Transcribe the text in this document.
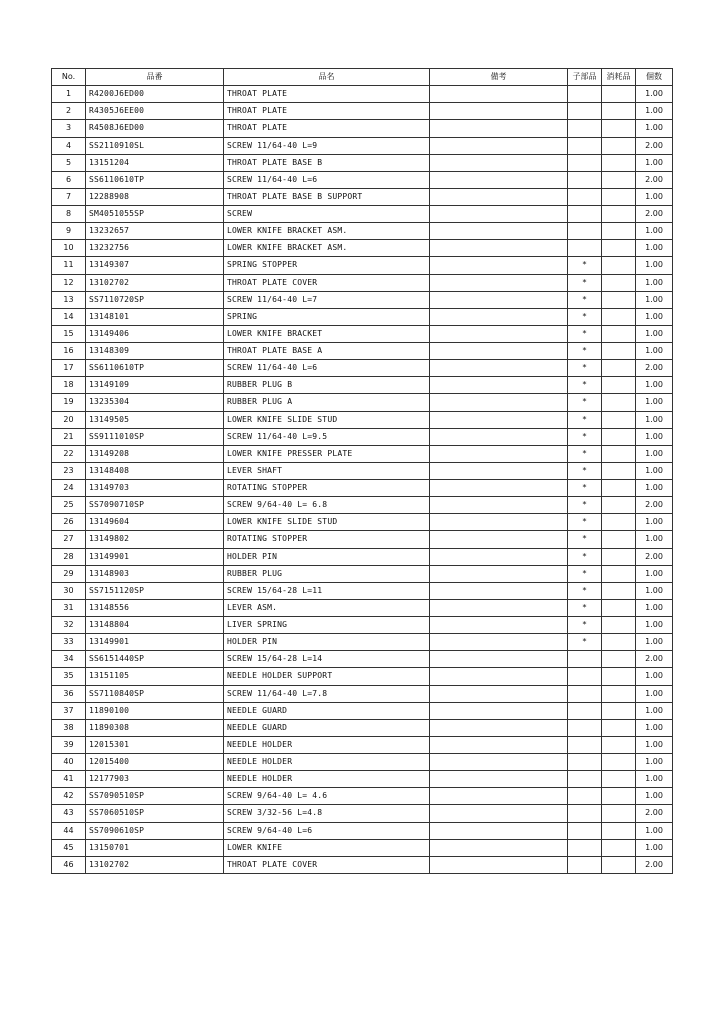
No.	品番	品名	備考	子部品	消耗品	個数
1	R4200J6ED00	THROAT PLATE				1.00
2	R4305J6EE00	THROAT PLATE				1.00
3	R4508J6ED00	THROAT PLATE				1.00
4	SS2110910SL	SCREW 11/64-40 L=9				2.00
5	13151204	THROAT PLATE BASE B				1.00
6	SS6110610TP	SCREW 11/64-40 L=6				2.00
7	12288908	THROAT PLATE BASE B SUPPORT				1.00
8	SM4051055SP	SCREW				2.00
9	13232657	LOWER KNIFE BRACKET ASM.				1.00
10	13232756	LOWER KNIFE BRACKET ASM.				1.00
11	13149307	SPRING STOPPER		*		1.00
12	13102702	THROAT PLATE COVER		*		1.00
13	SS7110720SP	SCREW 11/64-40 L=7		*		1.00
14	13148101	SPRING		*		1.00
15	13149406	LOWER KNIFE BRACKET		*		1.00
16	13148309	THROAT PLATE BASE A		*		1.00
17	SS6110610TP	SCREW 11/64-40 L=6		*		2.00
18	13149109	RUBBER PLUG B		*		1.00
19	13235304	RUBBER PLUG A		*		1.00
20	13149505	LOWER KNIFE SLIDE STUD		*		1.00
21	SS9111010SP	SCREW 11/64-40 L=9.5		*		1.00
22	13149208	LOWER KNIFE PRESSER PLATE		*		1.00
23	13148408	LEVER SHAFT		*		1.00
24	13149703	ROTATING STOPPER		*		1.00
25	SS7090710SP	SCREW 9/64-40 L= 6.8		*		2.00
26	13149604	LOWER KNIFE SLIDE STUD		*		1.00
27	13149802	ROTATING STOPPER		*		1.00
28	13149901	HOLDER PIN		*		2.00
29	13148903	RUBBER PLUG		*		1.00
30	SS7151120SP	SCREW 15/64-28 L=11		*		1.00
31	13148556	LEVER ASM.		*		1.00
32	13148804	LIVER SPRING		*		1.00
33	13149901	HOLDER PIN		*		1.00
34	SS6151440SP	SCREW 15/64-28 L=14				2.00
35	13151105	NEEDLE HOLDER SUPPORT				1.00
36	SS7110840SP	SCREW 11/64-40 L=7.8				1.00
37	11890100	NEEDLE GUARD				1.00
38	11890308	NEEDLE GUARD				1.00
39	12015301	NEEDLE HOLDER				1.00
40	12015400	NEEDLE HOLDER				1.00
41	12177903	NEEDLE HOLDER				1.00
42	SS7090510SP	SCREW 9/64-40 L= 4.6				1.00
43	SS7060510SP	SCREW 3/32-56 L=4.8				2.00
44	SS7090610SP	SCREW 9/64-40 L=6				1.00
45	13150701	LOWER KNIFE				1.00
46	13102702	THROAT PLATE COVER				2.00
